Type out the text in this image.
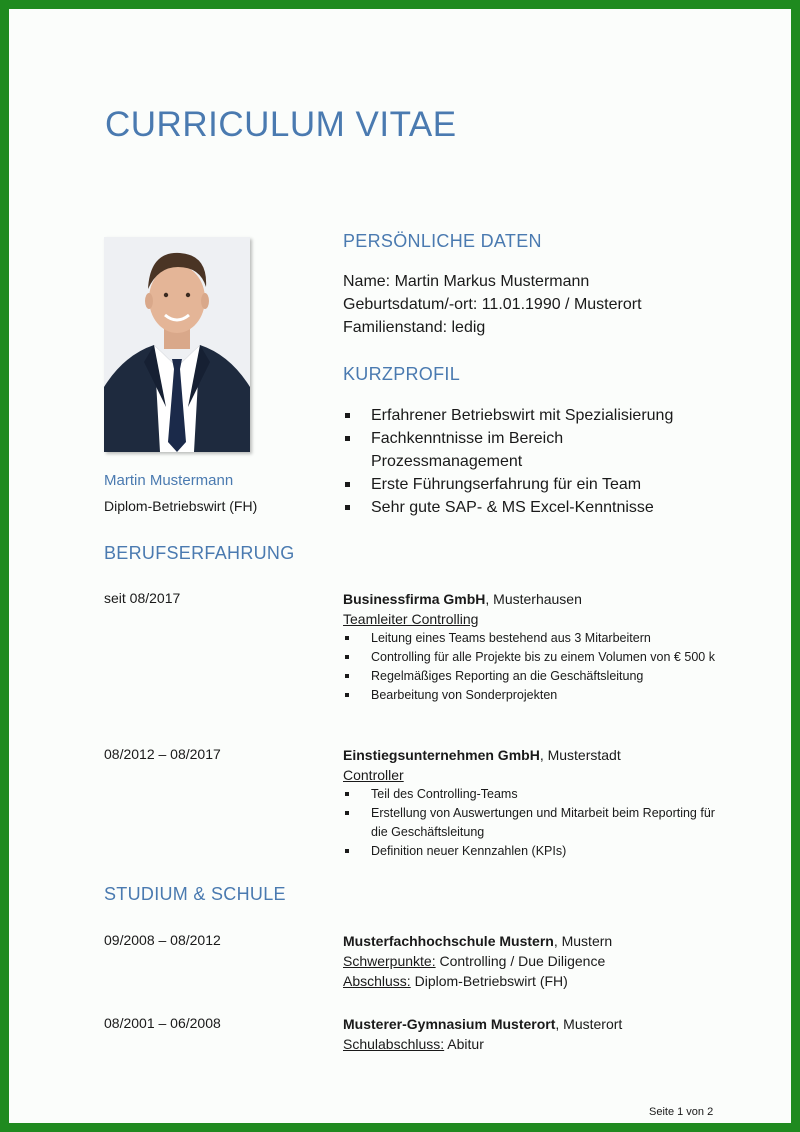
CURRICULUM VITAE
Martin Mustermann
Diplom-Betriebswirt (FH)
PERSÖNLICHE DATEN
Name: Martin Markus Mustermann
Geburtsdatum/-ort: 11.01.1990 / Musterort
Familienstand: ledig
KURZPROFIL
Erfahrener Betriebswirt mit Spezialisierung
Fachkenntnisse im Bereich Prozessmanagement
Erste Führungserfahrung für ein Team
Sehr gute SAP- & MS Excel-Kenntnisse
BERUFSERFAHRUNG
seit 08/2017	Businessfirma GmbH, Musterhausen
Teamleiter Controlling
Leitung eines Teams bestehend aus 3 Mitarbeitern
Controlling für alle Projekte bis zu einem Volumen von € 500 k
Regelmäßiges Reporting an die Geschäftsleitung
Bearbeitung von Sonderprojekten
08/2012 – 08/2017	Einstiegsunternehmen GmbH, Musterstadt
Controller
Teil des Controlling-Teams
Erstellung von Auswertungen und Mitarbeit beim Reporting für die Geschäftsleitung
Definition neuer Kennzahlen (KPIs)
STUDIUM & SCHULE
09/2008 – 08/2012	Musterfachhochschule Mustern, Mustern
Schwerpunkte: Controlling / Due Diligence
Abschluss: Diplom-Betriebswirt (FH)
08/2001 – 06/2008	Musterer-Gymnasium Musterort, Musterort
Schulabschluss: Abitur
Seite 1 von 2
